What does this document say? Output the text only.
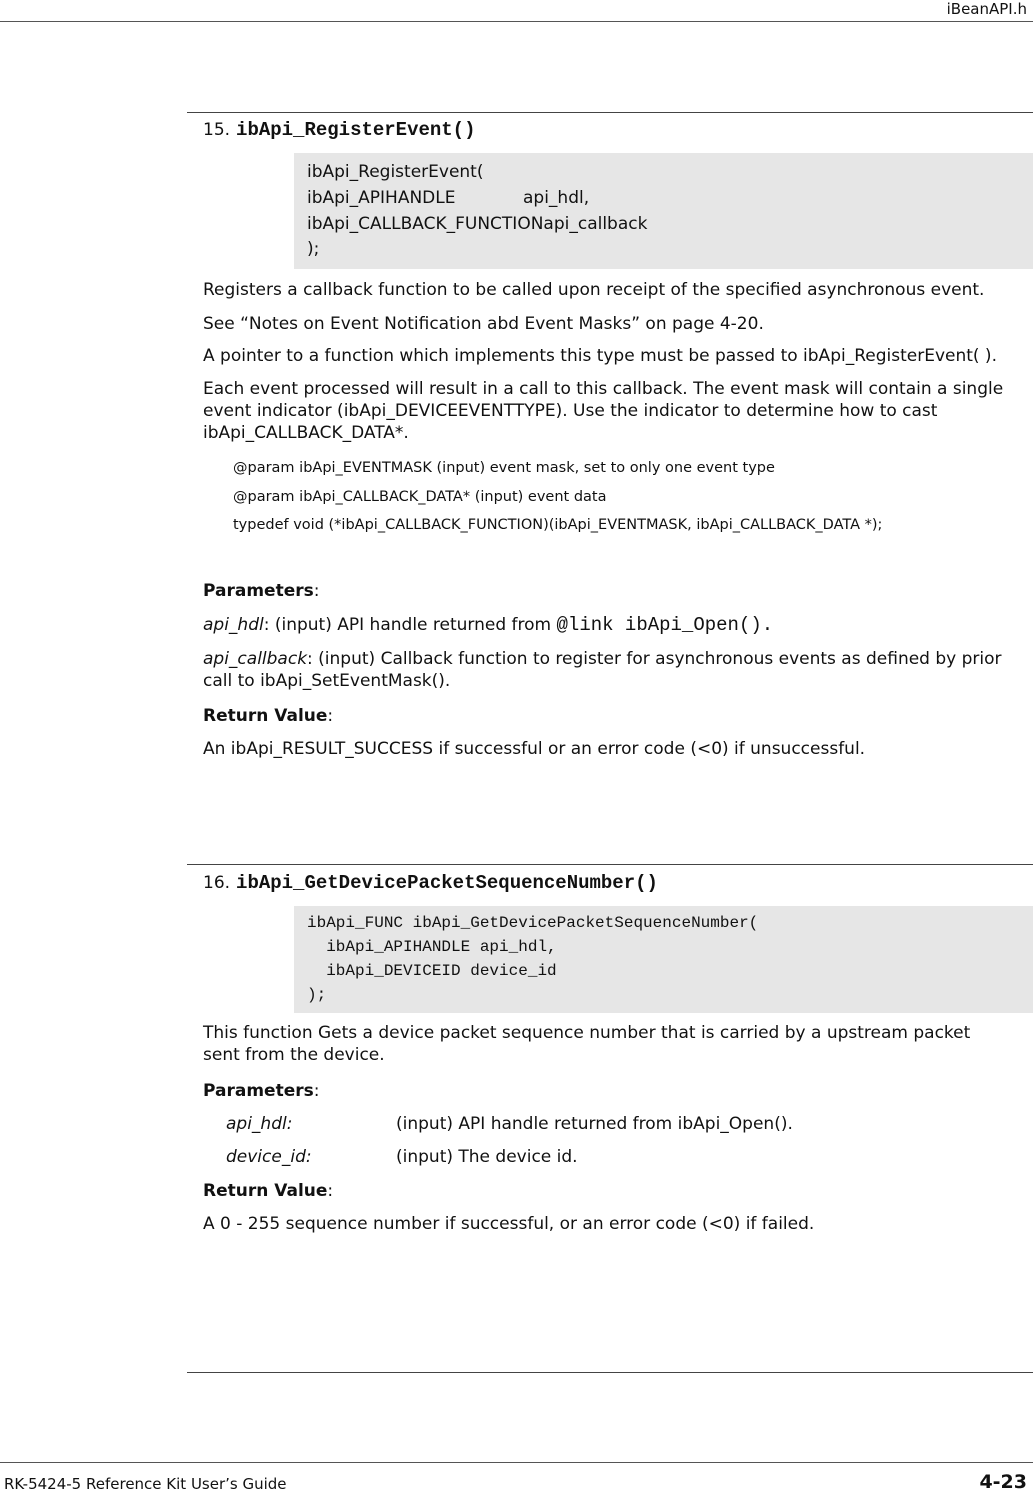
iBeanAPI.h
15. ibApi_RegisterEvent()
ibApi_RegisterEvent(
ibApi_APIHANDLE	api_hdl,
ibApi_CALLBACK_FUNCTIONapi_callback
);
Registers a callback function to be called upon receipt of the specified asynchronous event.
See “Notes on Event Notification abd Event Masks” on page 4-20.
A pointer to a function which implements this type must be passed to ibApi_RegisterEvent( ).
Each event processed will result in a call to this callback. The event mask will contain a single event indicator (ibApi_DEVICEEVENTTYPE). Use the indicator to determine how to cast ibApi_CALLBACK_DATA*.
@param ibApi_EVENTMASK (input) event mask, set to only one event type
@param ibApi_CALLBACK_DATA* (input) event data
typedef void (*ibApi_CALLBACK_FUNCTION)(ibApi_EVENTMASK, ibApi_CALLBACK_DATA *);
Parameters:
api_hdl: (input) API handle returned from @link ibApi_Open().
api_callback: (input) Callback function to register for asynchronous events as defined by prior call to ibApi_SetEventMask().
Return Value:
An ibApi_RESULT_SUCCESS if successful or an error code (<0) if unsuccessful.
16. ibApi_GetDevicePacketSequenceNumber()
ibApi_FUNC ibApi_GetDevicePacketSequenceNumber(
ibApi_APIHANDLE api_hdl,
ibApi_DEVICEID device_id
);
This function Gets a device packet sequence number that is carried by a upstream packet sent from the device.
Parameters:
api_hdl:	(input) API handle returned from ibApi_Open().
device_id:	(input) The device id.
Return Value:
A 0 - 255 sequence number if successful, or an error code (<0) if failed.
RK-5424-5 Reference Kit User’s Guide	4-23
